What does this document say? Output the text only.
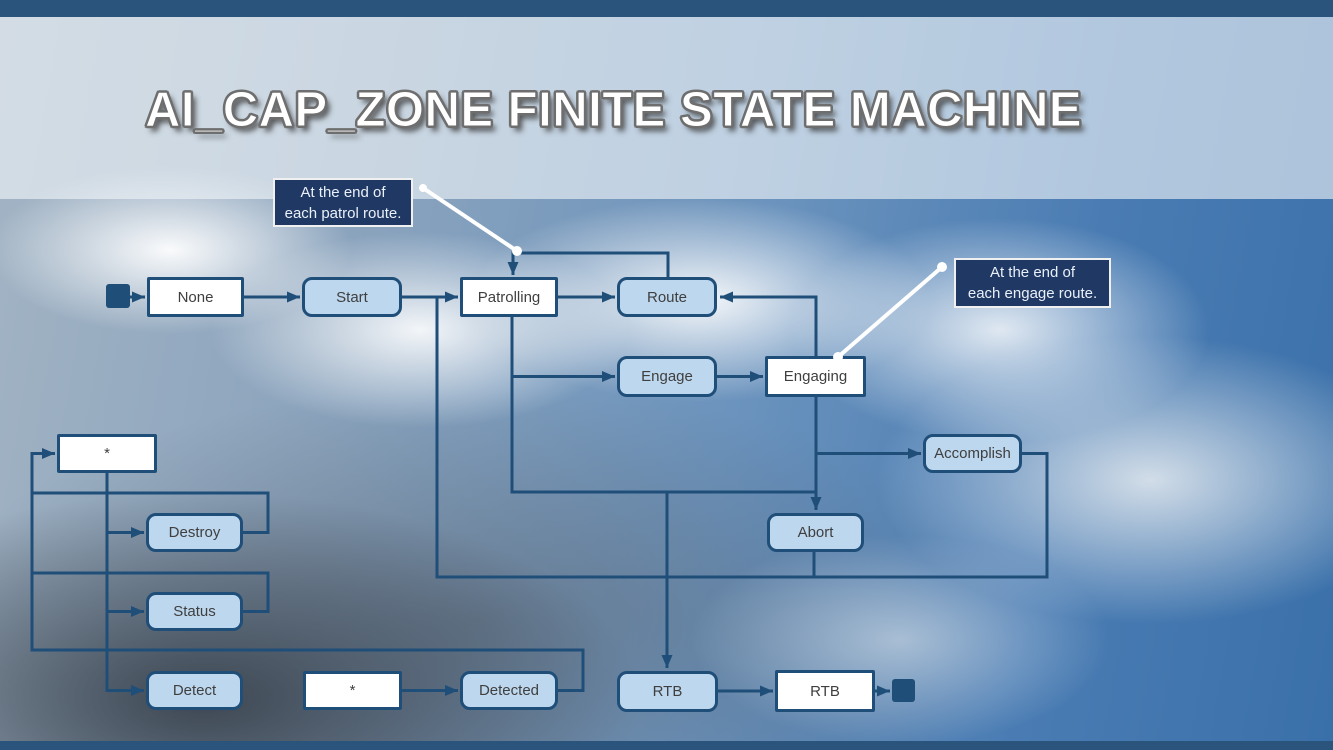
AI_CAP_ZONE FINITE STATE MACHINE
None	Start	Patrolling	Route
Engage	Engaging
Accomplish
Abort
*
Destroy
Status
Detect	*	Detected	RTB	RTB
At the end of
each patrol route.
At the end of
each engage route.
